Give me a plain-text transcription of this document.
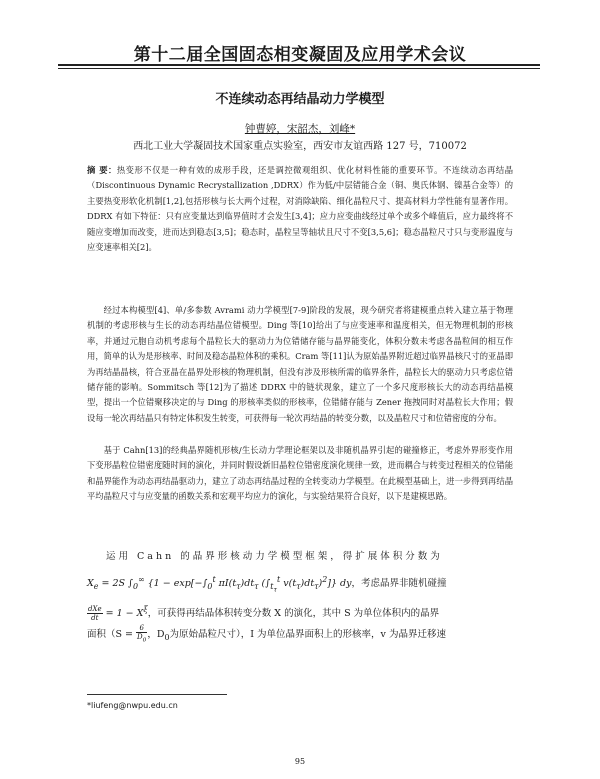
第十二届全国固态相变凝固及应用学术会议
不连续动态再结晶动力学模型
钟曹婷，宋韶杰，刘峰*
西北工业大学凝固技术国家重点实验室，西安市友谊西路 127 号，710072

摘 要：热变形不仅是一种有效的成形手段，还是调控微观组织、优化材料性能的重要环节。不连续动态再结晶（Discontinuous Dynamic Recrystallization ,DDRX）作为低/中层错能合金（铜、奥氏体钢、镍基合金等）的主要热变形软化机制[1,2],包括形核与长大两个过程，对消除缺陷、细化晶粒尺寸、提高材料力学性能有显著作用。DDRX 有如下特征：只有应变量达到临界值时才会发生[3,4]；应力应变曲线经过单个或多个峰值后，应力最终将不随应变增加而改变，进而达到稳态[3,5]；稳态时，晶粒呈等轴状且尺寸不变[3,5,6]；稳态晶粒尺寸只与变形温度与应变速率相关[2]。

经过本构模型[4]、单/多参数 Avrami 动力学模型[7-9]阶段的发展，现今研究者将建模重点转入建立基于物理机制的考虑形核与生长的动态再结晶位错模型。Ding 等[10]给出了与应变速率和温度相关，但无物理机制的形核率，并通过元胞自动机考虑每个晶粒长大的驱动力为位错储存能与晶界能变化，体积分数未考虑各晶粒间的相互作用，简单的认为是形核率、时间及稳态晶粒体积的乘积。Cram 等[11]认为原始晶界附近超过临界晶核尺寸的亚晶即为再结晶晶核，符合亚晶在晶界处形核的物理机制，但没有涉及形核所需的临界条件，晶粒长大的驱动力只考虑位错储存能的影响。Sommitsch 等[12]为了描述 DDRX 中的链状现象，建立了一个多尺度形核长大的动态再结晶模型，提出一个位错聚移决定的与 Ding 的形核率类似的形核率，位错储存能与 Zener 拖拽同时对晶粒长大作用；假设每一轮次再结晶只有特定体积发生转变，可获得每一轮次再结晶的转变分数，以及晶粒尺寸和位错密度的分布。

基于 Cahn[13]的经典晶界随机形核/生长动力学理论框架以及非随机晶界引起的碰撞修正，考虑外界形变作用下变形晶粒位错密度随时间的演化，并同时假设新旧晶粒位错密度演化规律一致，进而耦合与转变过程相关的位错能和晶界能作为动态再结晶驱动力，建立了动态再结晶过程的全转变动力学模型。在此模型基础上，进一步得到再结晶平均晶粒尺寸与应变量的函数关系和宏观平均应力的演化，与实验结果符合良好，以下是建模思路。

运用 Cahn 的晶界形核动力学模型框架，得扩展体积分数为
$X_e = 2S$ $\int_0^\infty$ {$1 - \exp[-\int_0^t$ $\pi I(t_\tau)dt_\tau$ ($\int_{t_\tau}^t$ $v(t_\tau)dt_\tau)^2$]} dy，考虑晶界非随机碰撞
$\frac{\text{dXe}}{dt} = 1 - X^\xi$，可获得再结晶体积转变分数 X 的演化，其中 S 为单位体积内的晶界
面积（$S = \frac{6}{D_0}$ ，$D_0$为原始晶粒尺寸），I 为单位晶界面积上的形核率，v 为晶界迁移速
*liufeng@nwpu.edu.cn
95
